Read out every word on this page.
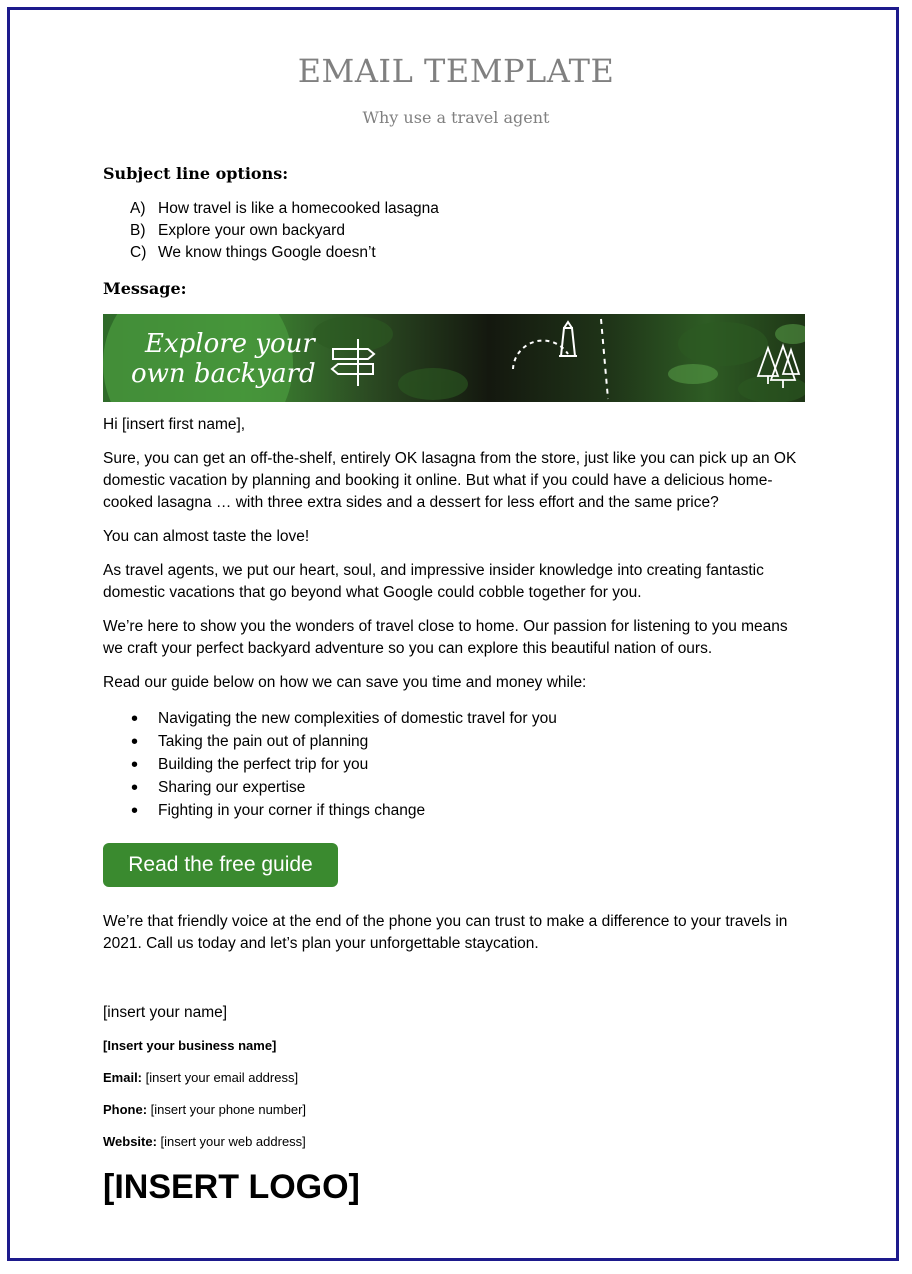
EMAIL TEMPLATE
Why use a travel agent
Subject line options:
A) How travel is like a homecooked lasagna
B) Explore your own backyard
C) We know things Google doesn’t
Message:
Explore your
own backyard
Hi [insert first name],
Sure, you can get an off-the-shelf, entirely OK lasagna from the store, just like you can pick up an OK domestic vacation by planning and booking it online. But what if you could have a delicious home-cooked lasagna … with three extra sides and a dessert for less effort and the same price?
You can almost taste the love!
As travel agents, we put our heart, soul, and impressive insider knowledge into creating fantastic domestic vacations that go beyond what Google could cobble together for you.
We’re here to show you the wonders of travel close to home. Our passion for listening to you means we craft your perfect backyard adventure so you can explore this beautiful nation of ours.
Read our guide below on how we can save you time and money while:
•	Navigating the new complexities of domestic travel for you
•	Taking the pain out of planning
•	Building the perfect trip for you
•	Sharing our expertise
•	Fighting in your corner if things change
Read the free guide
We’re that friendly voice at the end of the phone you can trust to make a difference to your travels in 2021. Call us today and let’s plan your unforgettable staycation.
[insert your name]
[Insert your business name]
Email: [insert your email address]
Phone: [insert your phone number]
Website: [insert your web address]
[INSERT LOGO]
